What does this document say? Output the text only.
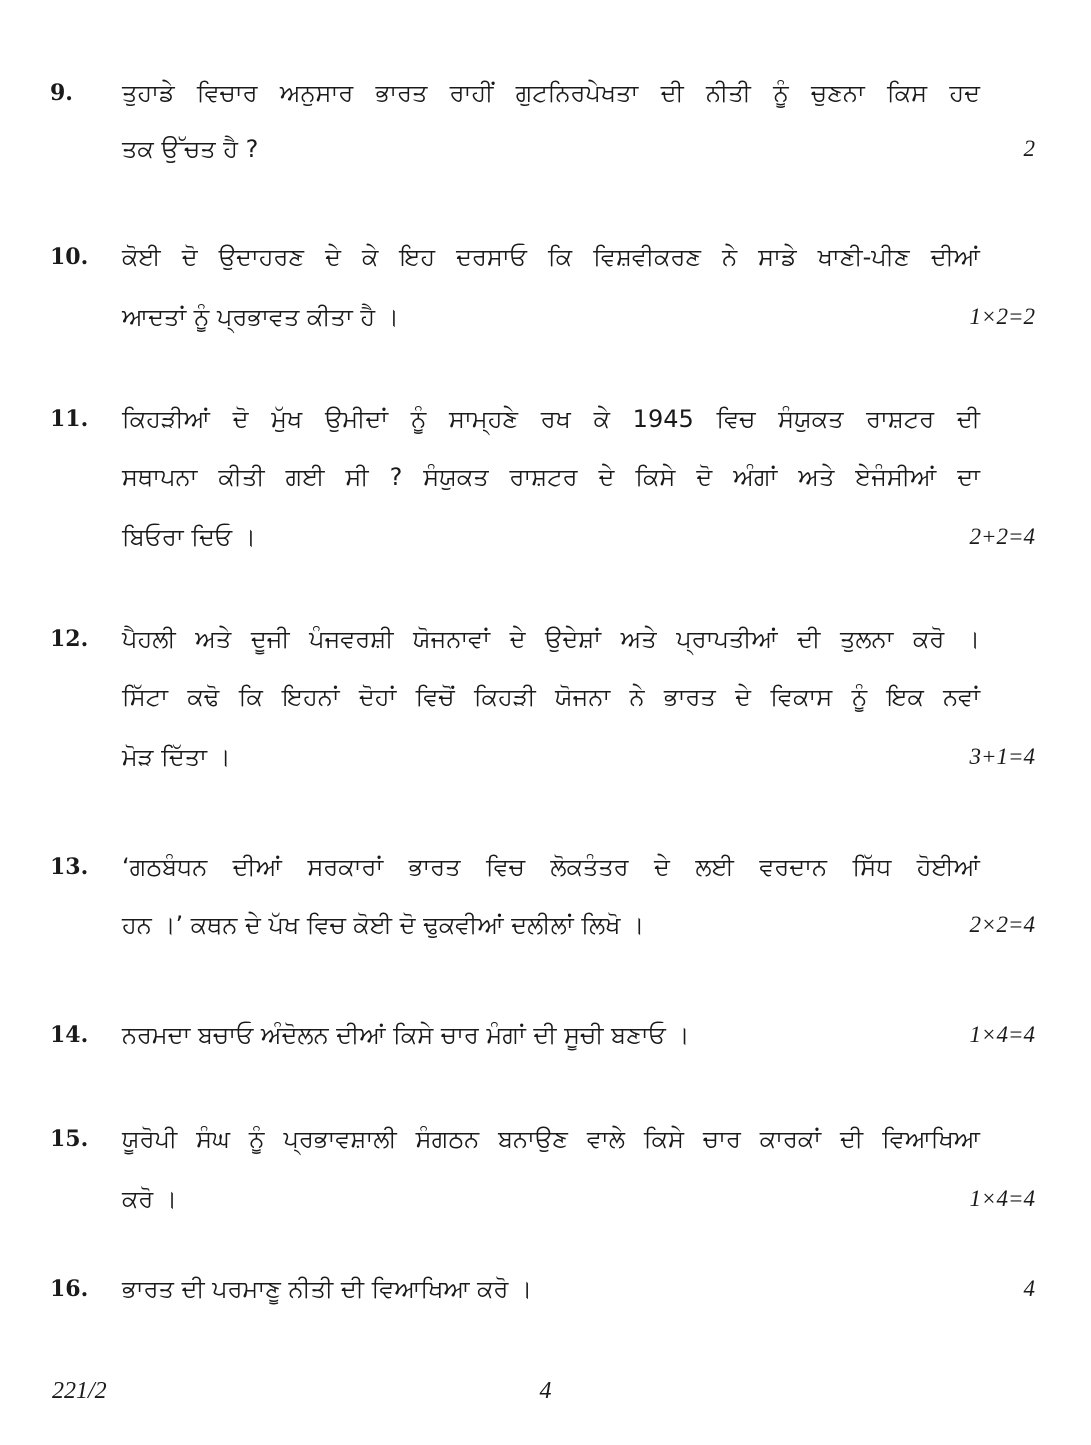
9. ਤੁਹਾਡੇ ਵਿਚਾਰ ਅਨੁਸਾਰ ਭਾਰਤ ਰਾਹੀਂ ਗੁਟਨਿਰਪੇਖਤਾ ਦੀ ਨੀਤੀ ਨੂੰ ਚੁਣਨਾ ਕਿਸ ਹਦ
ਤਕ ਉੱਚਤ ਹੈ ?	2
10. ਕੋਈ ਦੋ ਉਦਾਹਰਣ ਦੇ ਕੇ ਇਹ ਦਰਸਾਓ ਕਿ ਵਿਸ਼ਵੀਕਰਣ ਨੇ ਸਾਡੇ ਖਾਣੀ-ਪੀਣ ਦੀਆਂ
ਆਦਤਾਂ ਨੂੰ ਪ੍ਰਭਾਵਤ ਕੀਤਾ ਹੈ ।	1×2=2
11. ਕਿਹੜੀਆਂ ਦੋ ਮੁੱਖ ਉਮੀਦਾਂ ਨੂੰ ਸਾਮ੍ਹਣੇ ਰਖ ਕੇ 1945 ਵਿਚ ਸੰਯੁਕਤ ਰਾਸ਼ਟਰ ਦੀ
ਸਥਾਪਨਾ ਕੀਤੀ ਗਈ ਸੀ ? ਸੰਯੁਕਤ ਰਾਸ਼ਟਰ ਦੇ ਕਿਸੇ ਦੋ ਅੰਗਾਂ ਅਤੇ ਏਜੰਸੀਆਂ ਦਾ
ਬਿਓਰਾ ਦਿਓ ।	2+2=4
12. ਪੈਹਲੀ ਅਤੇ ਦੂਜੀ ਪੰਜਵਰਸ਼ੀ ਯੋਜਨਾਵਾਂ ਦੇ ਉਦੇਸ਼ਾਂ ਅਤੇ ਪ੍ਰਾਪਤੀਆਂ ਦੀ ਤੁਲਨਾ ਕਰੋ ।
ਸਿੱਟਾ ਕਢੋ ਕਿ ਇਹਨਾਂ ਦੋਹਾਂ ਵਿਚੋਂ ਕਿਹੜੀ ਯੋਜਨਾ ਨੇ ਭਾਰਤ ਦੇ ਵਿਕਾਸ ਨੂੰ ਇਕ ਨਵਾਂ
ਮੋੜ ਦਿੱਤਾ ।	3+1=4
13. ‘ਗਠਬੰਧਨ ਦੀਆਂ ਸਰਕਾਰਾਂ ਭਾਰਤ ਵਿਚ ਲੋਕਤੰਤਰ ਦੇ ਲਈ ਵਰਦਾਨ ਸਿੱਧ ਹੋਈਆਂ
ਹਨ ।’ ਕਥਨ ਦੇ ਪੱਖ ਵਿਚ ਕੋਈ ਦੋ ਢੁਕਵੀਆਂ ਦਲੀਲਾਂ ਲਿਖੋ ।	2×2=4
14. ਨਰਮਦਾ ਬਚਾਓ ਅੰਦੋਲਨ ਦੀਆਂ ਕਿਸੇ ਚਾਰ ਮੰਗਾਂ ਦੀ ਸੂਚੀ ਬਣਾਓ ।	1×4=4
15. ਯੂਰੋਪੀ ਸੰਘ ਨੂੰ ਪ੍ਰਭਾਵਸ਼ਾਲੀ ਸੰਗਠਨ ਬਨਾਉਣ ਵਾਲੇ ਕਿਸੇ ਚਾਰ ਕਾਰਕਾਂ ਦੀ ਵਿਆਖਿਆ
ਕਰੋ ।	1×4=4
16. ਭਾਰਤ ਦੀ ਪਰਮਾਣੂ ਨੀਤੀ ਦੀ ਵਿਆਖਿਆ ਕਰੋ ।	4
221/2	4
